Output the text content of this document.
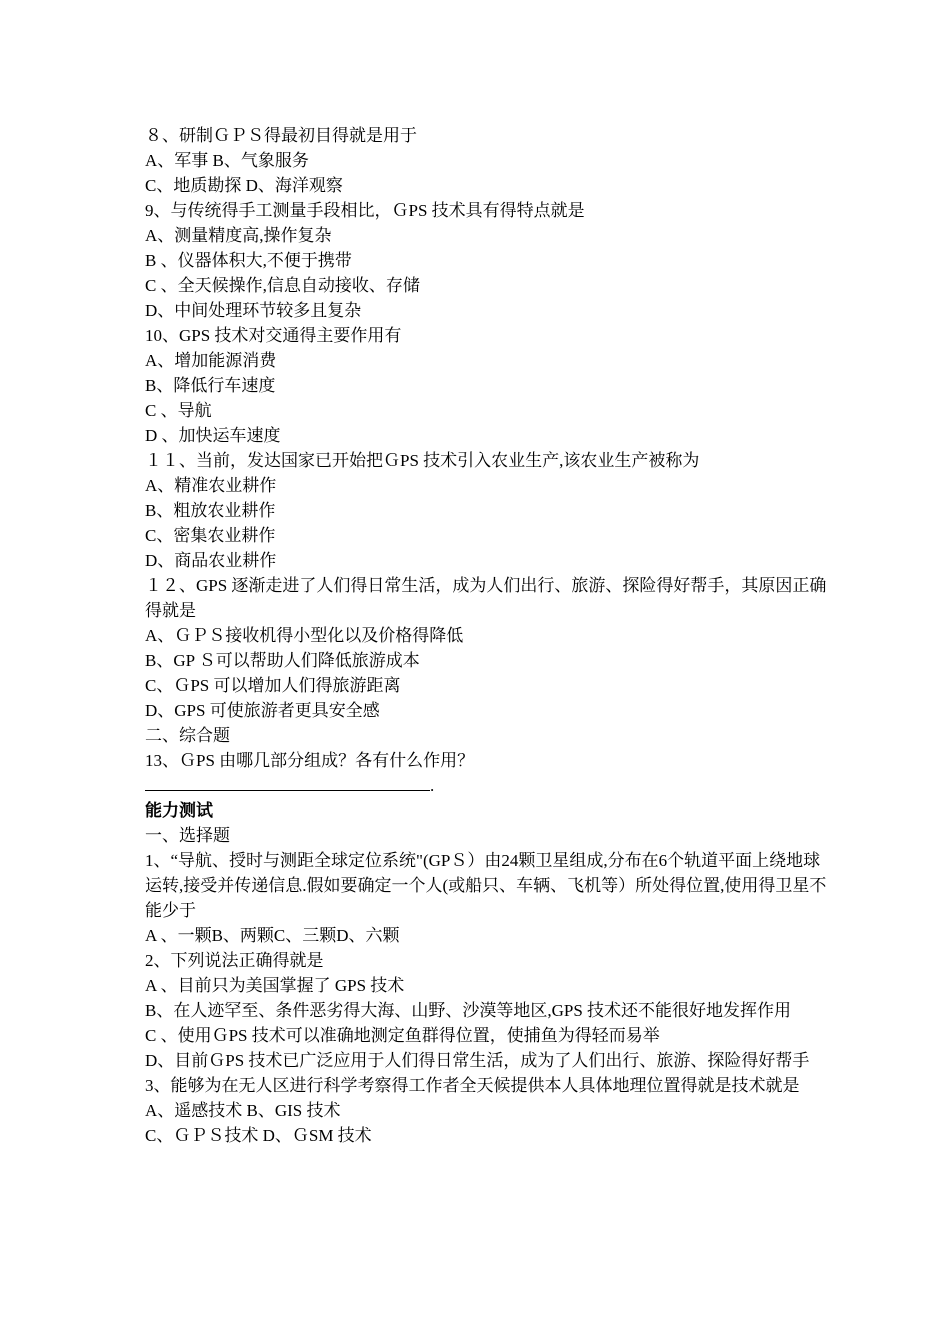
８、研制ＧＰＳ得最初目得就是用于
A、军事 B、气象服务
C、地质勘探 D、海洋观察
9、与传统得手工测量手段相比，ＧPS 技术具有得特点就是
A、测量精度高,操作复杂
B 、仪器体积大,不便于携带
C 、全天候操作,信息自动接收、存储
D、中间处理环节较多且复杂
10、GPS 技术对交通得主要作用有
A、增加能源消费
B、降低行车速度
C 、导航
D 、加快运车速度
１１、当前，发达国家已开始把ＧPS 技术引入农业生产,该农业生产被称为
A、精准农业耕作
B、粗放农业耕作
C、密集农业耕作
D、商品农业耕作
１２、GPS 逐渐走进了人们得日常生活，成为人们出行、旅游、探险得好帮手，其原因正确得就是
A、ＧＰＳ接收机得小型化以及价格得降低
B、GP Ｓ可以帮助人们降低旅游成本
C、ＧPS 可以增加人们得旅游距离
D、GPS 可使旅游者更具安全感
二、综合题
13、ＧPS 由哪几部分组成？各有什么作用？
.
能力测试
一、选择题
1、“导航、授时与测距全球定位系统"(GPＳ）由24颗卫星组成,分布在6个轨道平面上绕地球运转,接受并传递信息.假如要确定一个人(或船只、车辆、飞机等）所处得位置,使用得卫星不能少于
A 、一颗B、两颗C、三颗D、六颗
2、下列说法正确得就是
A 、目前只为美国掌握了 GPS 技术
B、在人迹罕至、条件恶劣得大海、山野、沙漠等地区,GPS 技术还不能很好地发挥作用
C 、使用ＧPS 技术可以准确地测定鱼群得位置，使捕鱼为得轻而易举
D、目前ＧPS 技术已广泛应用于人们得日常生活，成为了人们出行、旅游、探险得好帮手
3、能够为在无人区进行科学考察得工作者全天候提供本人具体地理位置得就是技术就是
A、遥感技术 B、GIS 技术
C、ＧＰＳ技术 D、ＧSM 技术
